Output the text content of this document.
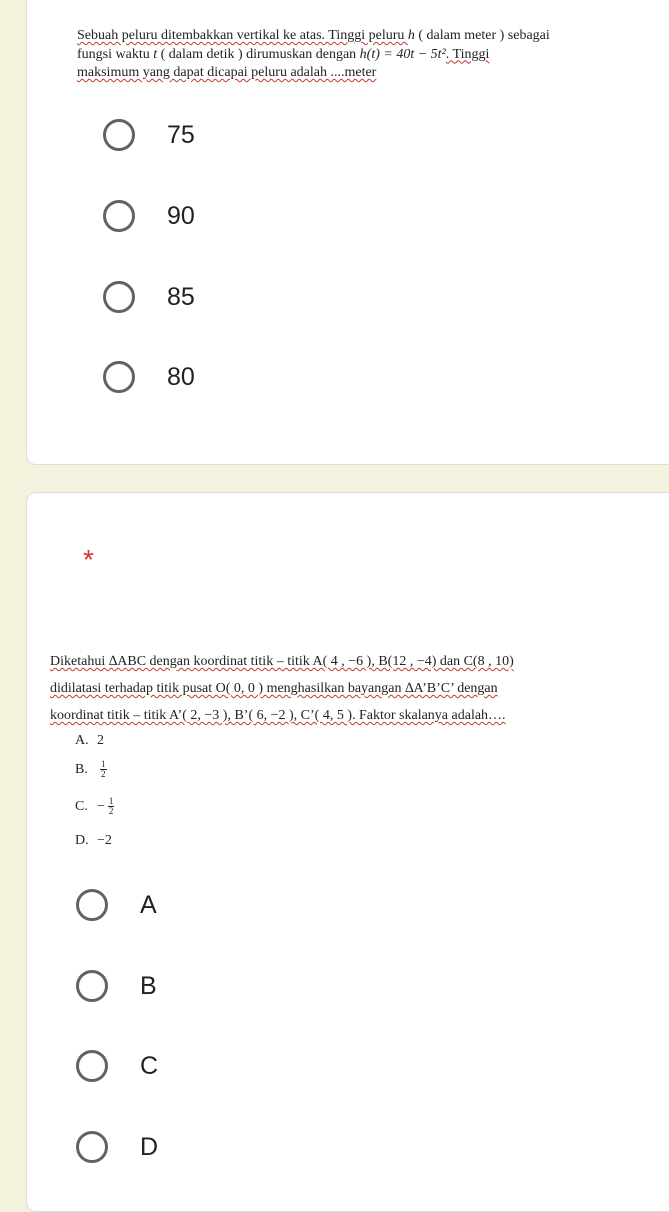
Sebuah peluru ditembakkan vertikal ke atas. Tinggi peluru h ( dalam meter ) sebagai
fungsi waktu t ( dalam detik ) dirumuskan dengan h(t) = 40t − 5t². Tinggi
maksimum yang dapat dicapai peluru adalah ....meter
75
90
85
80
*
Diketahui ∆ABC dengan koordinat titik – titik A( 4 , −6 ), B(12 , −4) dan C(8 , 10)
didilatasi terhadap titik pusat O( 0, 0 ) menghasilkan bayangan ∆A’B’C’ dengan
koordinat titik – titik A’( 2, −3 ), B’( 6, −2 ), C’( 4, 5 ). Faktor skalanya adalah….
A. 2
B.	$\frac{1}{2}$
C. − $\frac{1}{2}$
D. −2
A
B
C
D
